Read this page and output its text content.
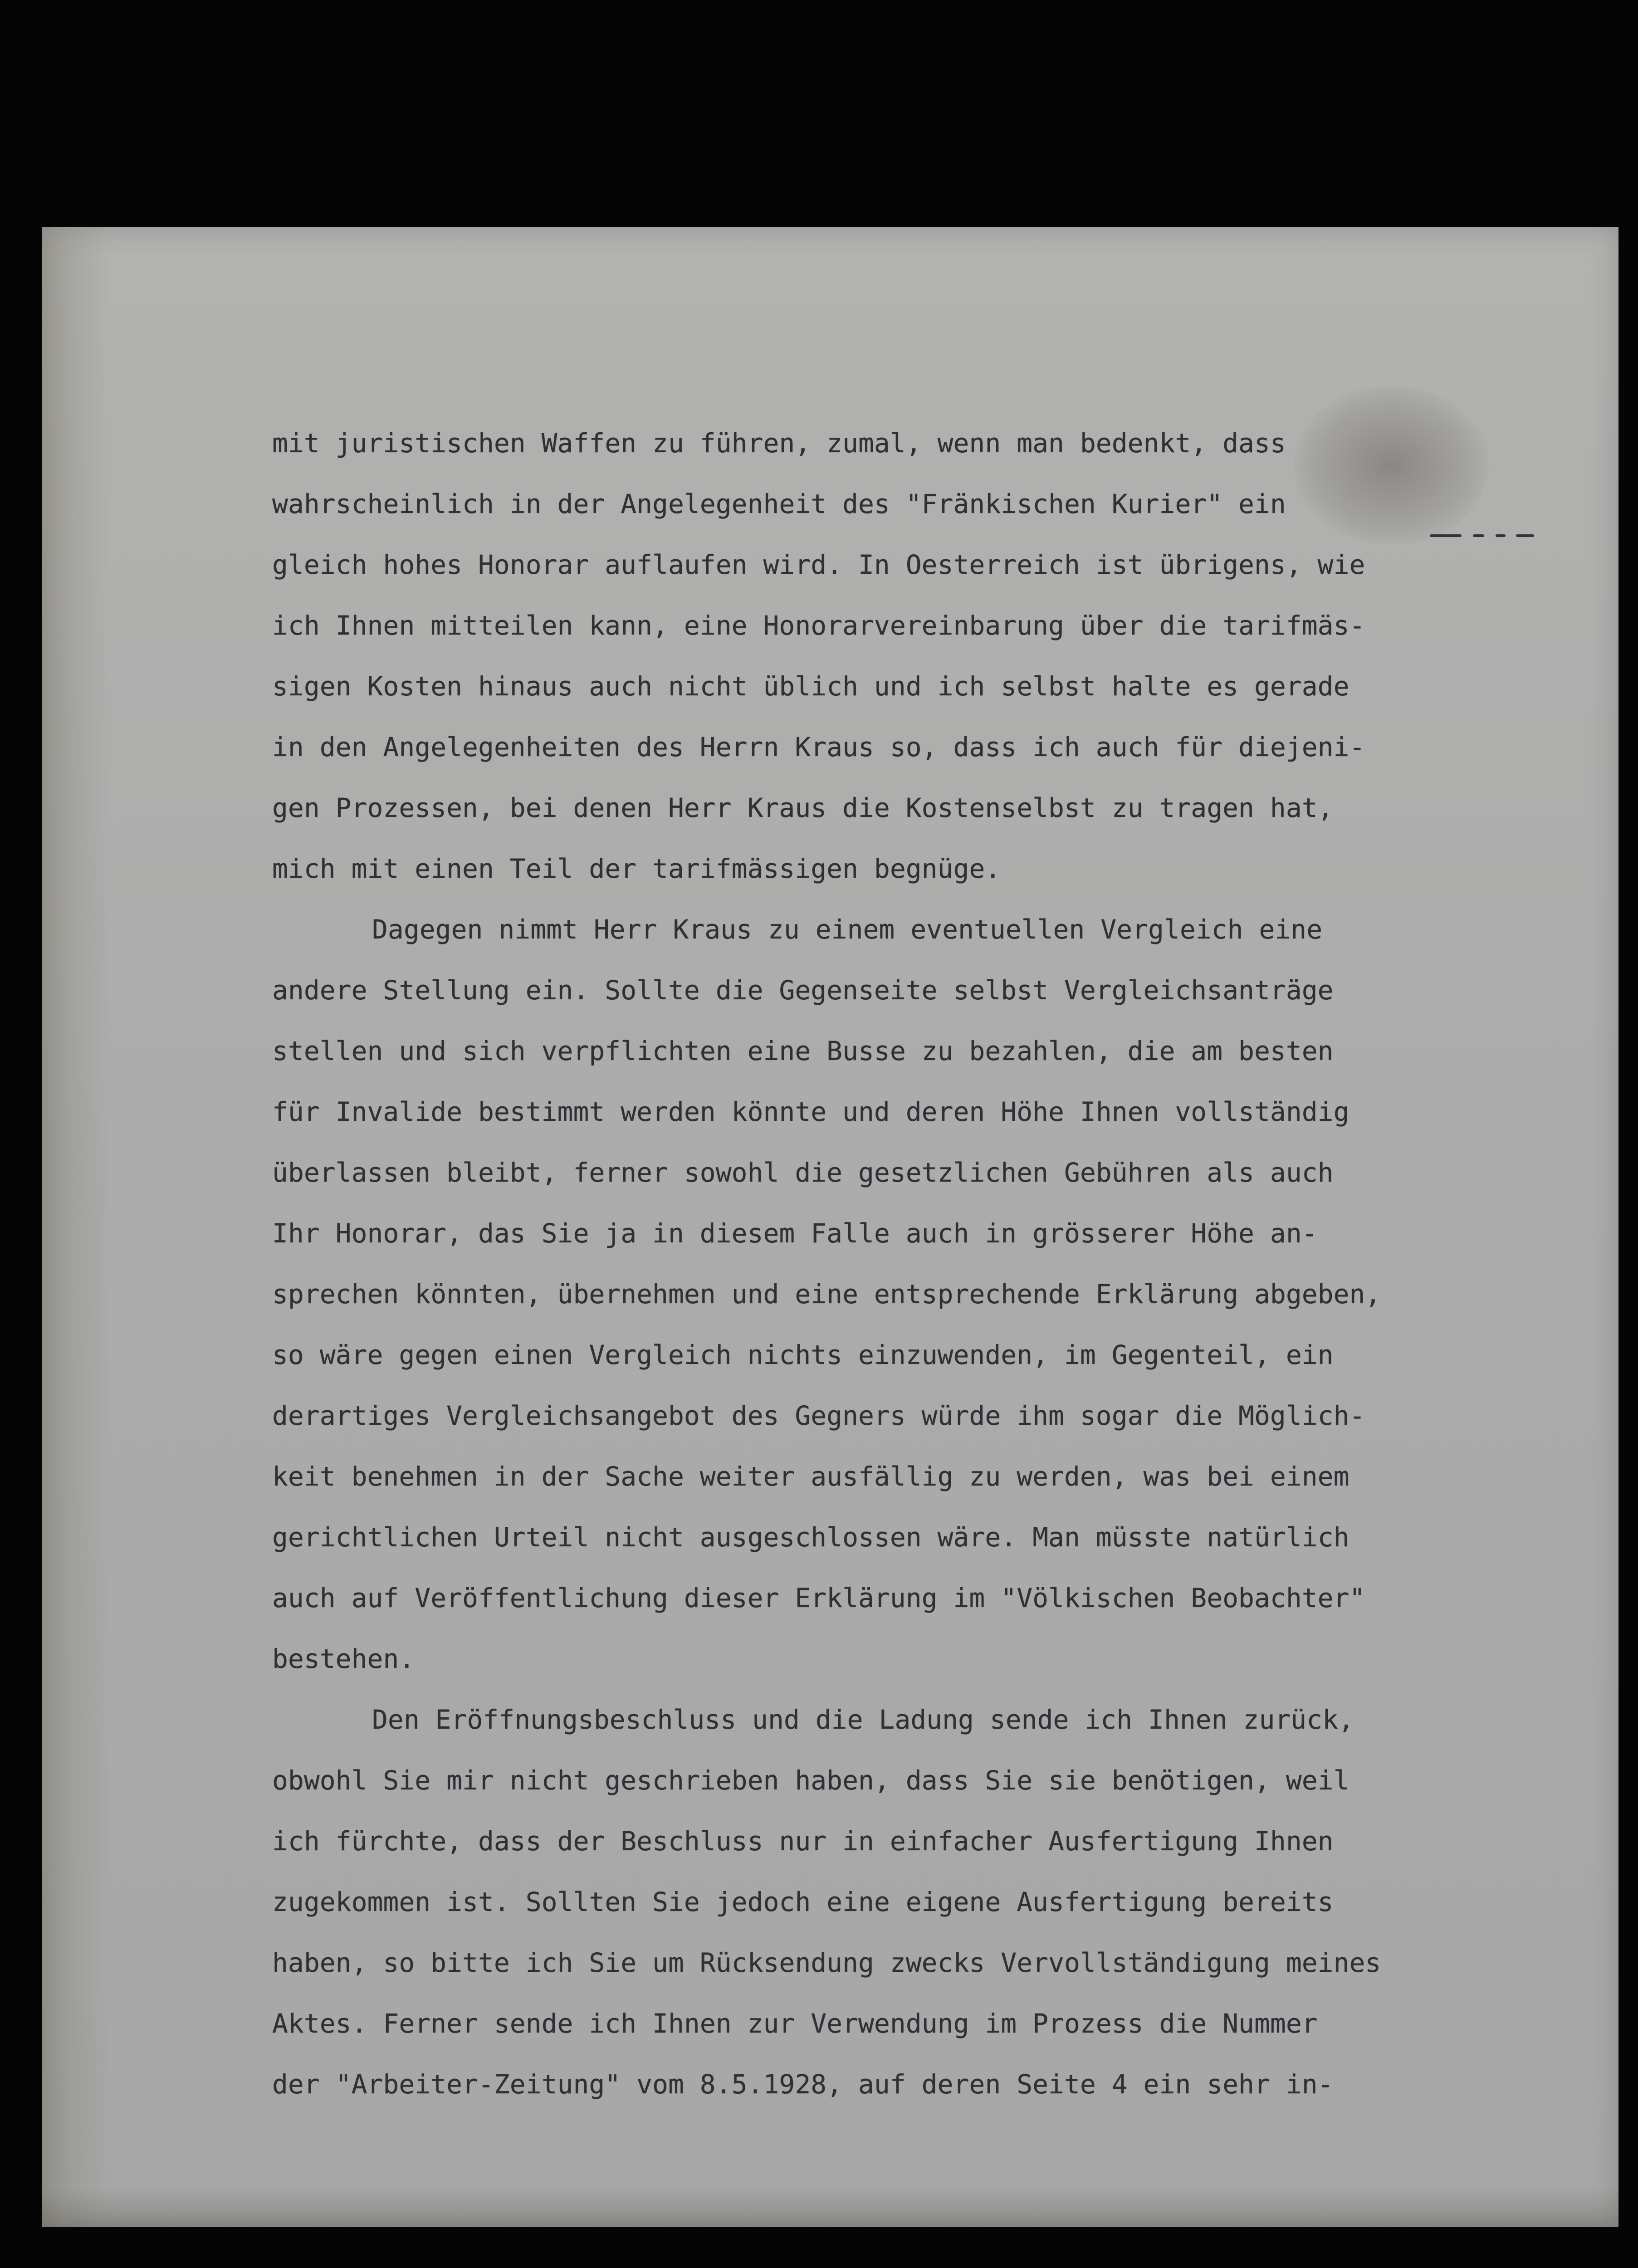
mit juristischen Waffen zu führen, zumal, wenn man bedenkt, dass
wahrscheinlich in der Angelegenheit des "Fränkischen Kurier" ein
gleich hohes Honorar auflaufen wird. In Oesterreich ist übrigens, wie
ich Ihnen mitteilen kann, eine Honorarvereinbarung über die tarifmäs-
sigen Kosten hinaus auch nicht üblich und ich selbst halte es gerade
in den Angelegenheiten des Herrn Kraus so, dass ich auch für diejeni-
gen Prozessen, bei denen Herr Kraus die Kostenselbst zu tragen hat,
mich mit einen Teil der tarifmässigen begnüge.
Dagegen nimmt Herr Kraus zu einem eventuellen Vergleich eine
andere Stellung ein. Sollte die Gegenseite selbst Vergleichsanträge
stellen und sich verpflichten eine Busse zu bezahlen, die am besten
für Invalide bestimmt werden könnte und deren Höhe Ihnen vollständig
überlassen bleibt, ferner sowohl die gesetzlichen Gebühren als auch
Ihr Honorar, das Sie ja in diesem Falle auch in grösserer Höhe an-
sprechen könnten, übernehmen und eine entsprechende Erklärung abgeben,
so wäre gegen einen Vergleich nichts einzuwenden, im Gegenteil, ein
derartiges Vergleichsangebot des Gegners würde ihm sogar die Möglich-
keit benehmen in der Sache weiter ausfällig zu werden, was bei einem
gerichtlichen Urteil nicht ausgeschlossen wäre. Man müsste natürlich
auch auf Veröffentlichung dieser Erklärung im "Völkischen Beobachter"
bestehen.
Den Eröffnungsbeschluss und die Ladung sende ich Ihnen zurück,
obwohl Sie mir nicht geschrieben haben, dass Sie sie benötigen, weil
ich fürchte, dass der Beschluss nur in einfacher Ausfertigung Ihnen
zugekommen ist. Sollten Sie jedoch eine eigene Ausfertigung bereits
haben, so bitte ich Sie um Rücksendung zwecks Vervollständigung meines
Aktes. Ferner sende ich Ihnen zur Verwendung im Prozess die Nummer
der "Arbeiter-Zeitung" vom 8.5.1928, auf deren Seite 4 ein sehr in-
